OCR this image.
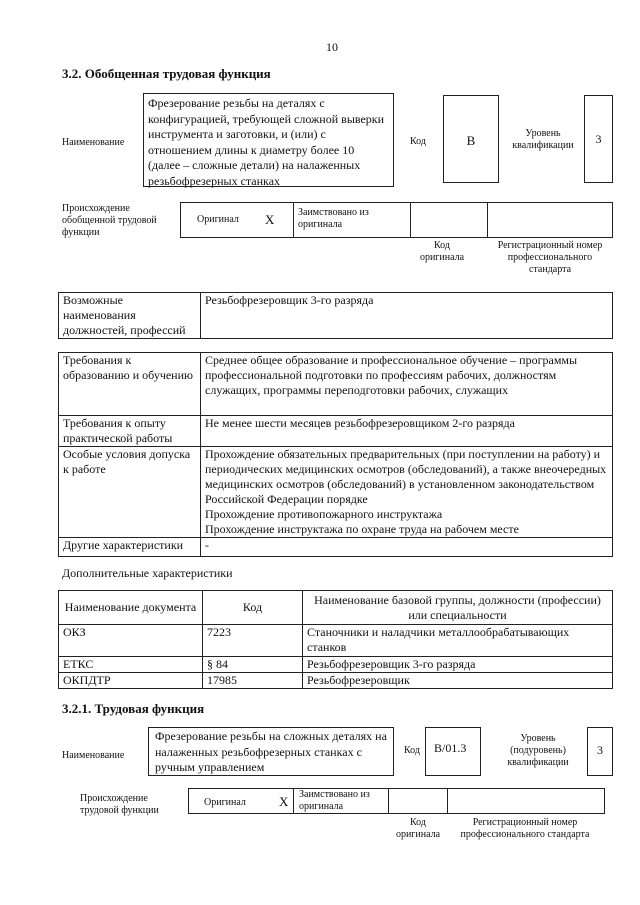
10
3.2. Обобщенная трудовая функция
Наименование
Фрезерование резьбы на деталях с конфигурацией, требующей сложной выверки инструмента и заготовки, и (или) с отношением длины к диаметру более 10 (далее – сложные детали) на налаженных резьбофрезерных станках
Код	B	Уровень квалификации	3
Происхождение обобщенной трудовой функции
Оригинал X Заимствовано из оригинала
Код оригинала
Регистрационный номер профессионального стандарта
Возможные наименования должностей, профессий	Резьбофрезеровщик 3-го разряда
Требования к образованию и обучению	Среднее общее образование и профессиональное обучение – программы профессиональной подготовки по профессиям рабочих, должностям служащих, программы переподготовки рабочих, служащих
Требования к опыту практической работы	Не менее шести месяцев резьбофрезеровщиком 2-го разряда
Особые условия допуска к работе	Прохождение обязательных предварительных (при поступлении на работу) и периодических медицинских осмотров (обследований), а также внеочередных медицинских осмотров (обследований) в установленном законодательством Российской Федерации порядке
Прохождение противопожарного инструктажа
Прохождение инструктажа по охране труда на рабочем месте
Другие характеристики	-
Дополнительные характеристики
Наименование документа	Код	Наименование базовой группы, должности (профессии) или специальности
ОКЗ	7223	Станочники и наладчики металлообрабатывающих станков
ЕТКС	§ 84	Резьбофрезеровщик 3-го разряда
ОКПДТР	17985	Резьбофрезеровщик
3.2.1. Трудовая функция
Наименование
Фрезерование резьбы на сложных деталях на налаженных резьбофрезерных станках с ручным управлением
Код	B/01.3
Уровень (подуровень) квалификации
3
Происхождение трудовой функции
Оригинал	X Заимствовано из оригинала
Код оригинала
Регистрационный номер профессионального стандарта
